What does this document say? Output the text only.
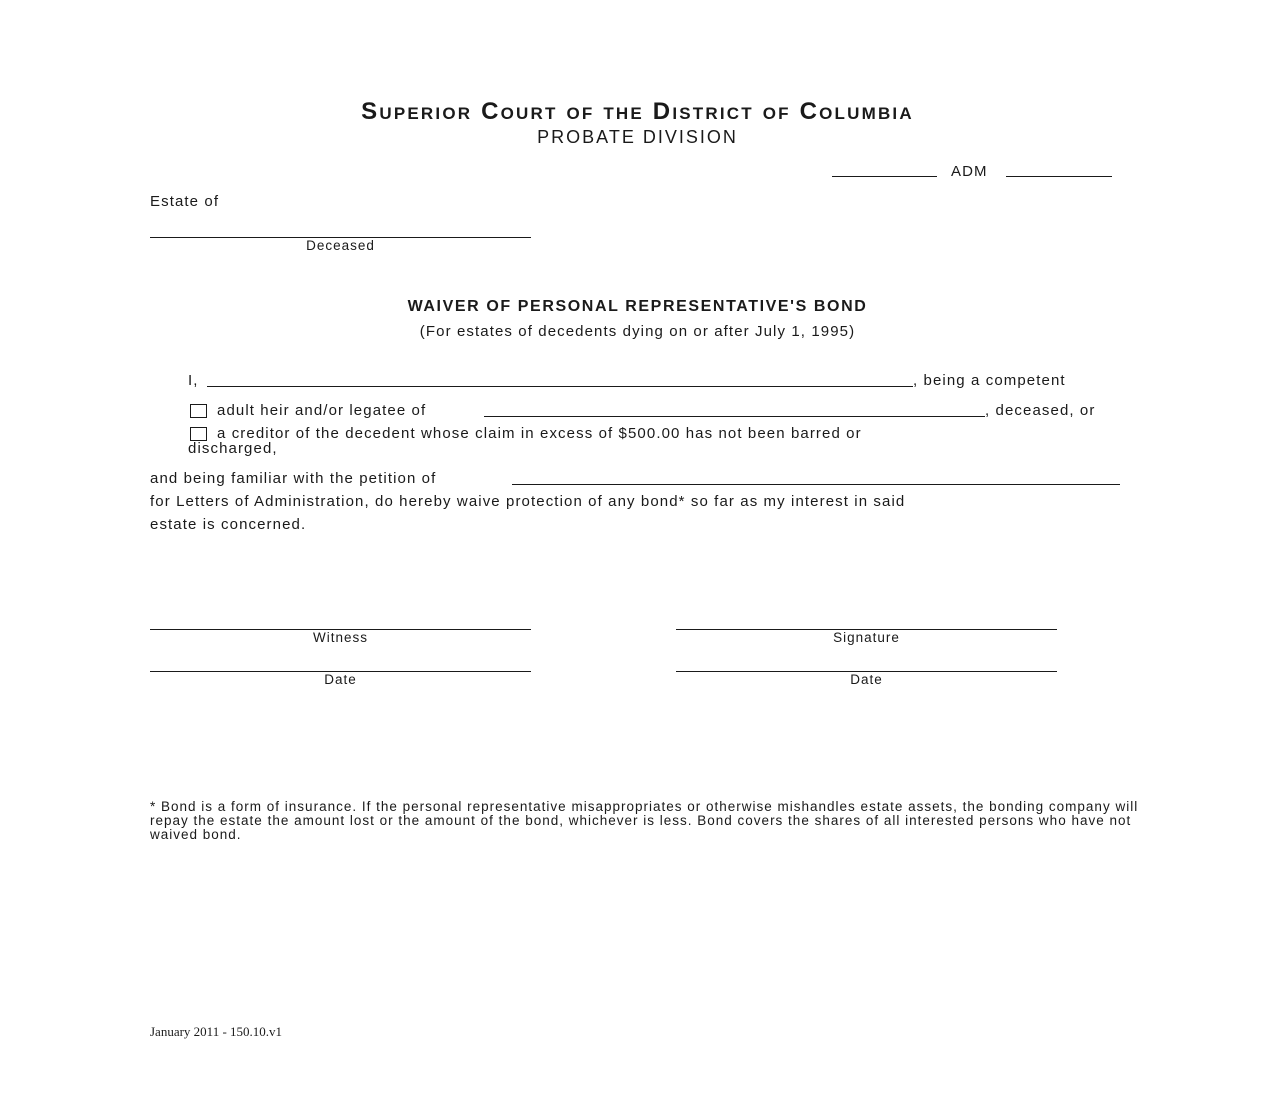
Superior Court of the District of Columbia
PROBATE DIVISION
ADM
Estate of
Deceased
WAIVER OF PERSONAL REPRESENTATIVE'S BOND
(For estates of decedents dying on or after July 1, 1995)
I,	, being a competent
adult heir and/or legatee of	, deceased, or
a creditor of the decedent whose claim in excess of $500.00 has not been barred or
discharged,
and being familiar with the petition of
for Letters of Administration, do hereby waive protection of any bond* so far as my interest in said
estate is concerned.
Witness	Signature
Date	Date
* Bond is a form of insurance. If the personal representative misappropriates or otherwise mishandles estate assets, the bonding company will repay the estate the amount lost or the amount of the bond, whichever is less. Bond covers the shares of all interested persons who have not waived bond.
January 2011 - 150.10.v1
